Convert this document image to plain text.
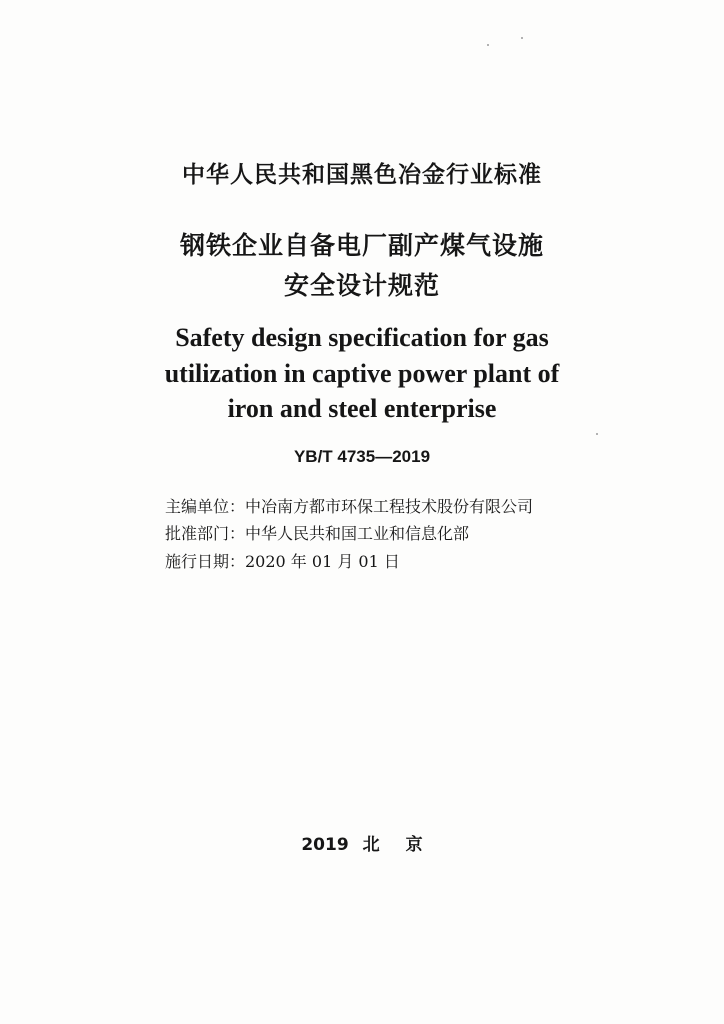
中华人民共和国黑色冶金行业标准
钢铁企业自备电厂副产煤气设施
安全设计规范
Safety design specification for gas
utilization in captive power plant of
iron and steel enterprise
YB/T 4735—2019
主编单位：中冶南方都市环保工程技术股份有限公司
批准部门：中华人民共和国工业和信息化部
施行日期：2020 年 01 月 01 日
2019 北 京
